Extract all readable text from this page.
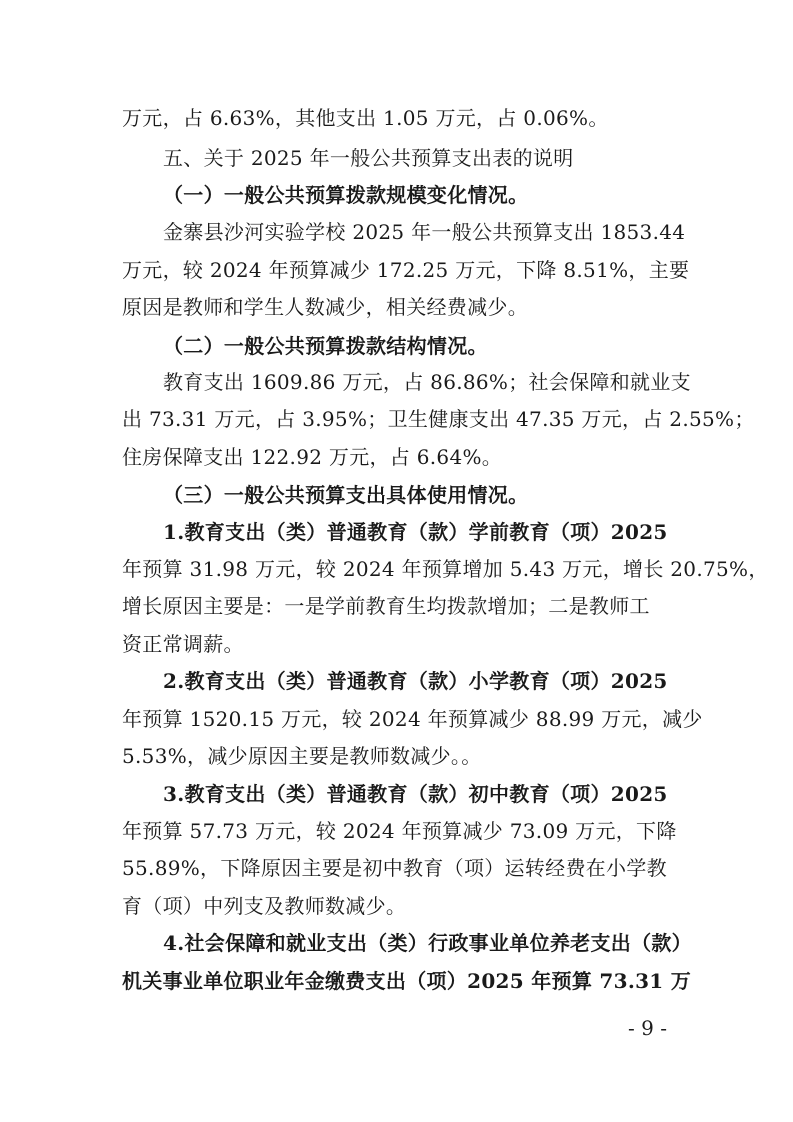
万元，占 6.63%，其他支出 1.05 万元，占 0.06%。
五、关于 2025 年一般公共预算支出表的说明
（一）一般公共预算拨款规模变化情况。
金寨县沙河实验学校 2025 年一般公共预算支出 1853.44
万元，较 2024 年预算减少 172.25 万元，下降 8.51%，主要
原因是教师和学生人数减少，相关经费减少。
（二）一般公共预算拨款结构情况。
教育支出 1609.86 万元，占 86.86%；社会保障和就业支
出 73.31 万元，占 3.95%；卫生健康支出 47.35 万元，占 2.55%；
住房保障支出 122.92 万元，占 6.64%。
（三）一般公共预算支出具体使用情况。
1.教育支出（类）普通教育（款）学前教育（项）2025
年预算 31.98 万元，较 2024 年预算增加 5.43 万元，增长 20.75%，
增长原因主要是：一是学前教育生均拨款增加；二是教师工
资正常调薪。
2.教育支出（类）普通教育（款）小学教育（项）2025
年预算 1520.15 万元，较 2024 年预算减少 88.99 万元，减少
5.53%，减少原因主要是教师数减少。。
3.教育支出（类）普通教育（款）初中教育（项）2025
年预算 57.73 万元，较 2024 年预算减少 73.09 万元，下降
55.89%，下降原因主要是初中教育（项）运转经费在小学教
育（项）中列支及教师数减少。
4.社会保障和就业支出（类）行政事业单位养老支出（款）
机关事业单位职业年金缴费支出（项）2025 年预算 73.31 万
- 9 -
